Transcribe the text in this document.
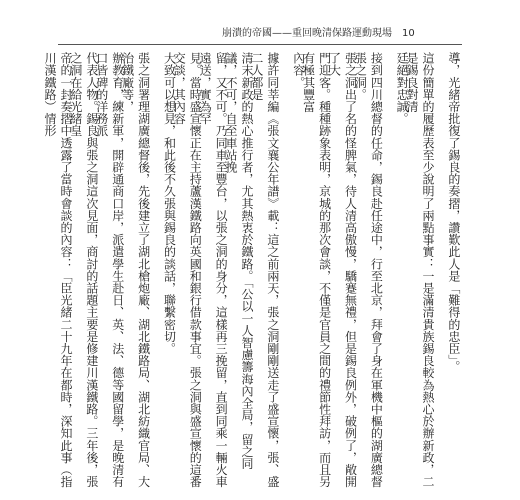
崩潰的帝國——重回晚清保路運動現場 10
導，光緒帝批復了錫良的奏摺，讚歎此人是「難得的忠臣」。
這份簡單的履歷表至少說明了兩點事實：一是滿清貴族錫良較為熱心於辦新政，二是錫良對清
廷絕對忠誠。
接到四川總督的任命，錫良赴任途中，行至北京，拜會了身在軍機中樞的湖廣總督張之洞。
張之洞出了名的怪脾氣，待人清高傲慢，驕蹇無禮，但是錫良例外，破例了，敞開了大
門迎客。種種跡象表明，京城的那次會談，不僅是官員之間的禮節性拜訪，而且另有極其豐富
內容。
據許同莘編《張文襄公年譜》載：這之前兩天，張之洞剛剛送走了盛宣懷，張、盛二人都是
清末新政的熱心推行者，尤其熱衷於鐵路。「公以一人智慮籌海內全局，留之同議，不可，自至車站挽
留，又不可。乃同車至豐台，以張之洞的身分，這樣再三挽留，直到同乘一輛火車遠送，實為罕
見。當時盛宣懷正在主持蘆漢鐵路向英國和銀行借款事宜。張之洞與盛宣懷的這番交談，其內容
大致可以想見，和此後不久張與錫良的談話，聯繫密切。
張之洞署理湖廣總督後，先後建立了湖北槍炮廠、湖北鐵路局、湖北紡織官局、大治鐵廠等，
辦教育，練新軍，開辟通商口岸，派遣學生赴日、英、法、德等國留學，是晚清有口皆碑的洋務派
代表人物。錫良與張之洞這次見面，商討的話題主要是修建川漢鐵路。三年後，張之洞在給光緒皇
帝的一封奏摺中透露了當時會談的內容：「臣光緒二十九年在都時，深知此事（指川漢鐵路）情形
